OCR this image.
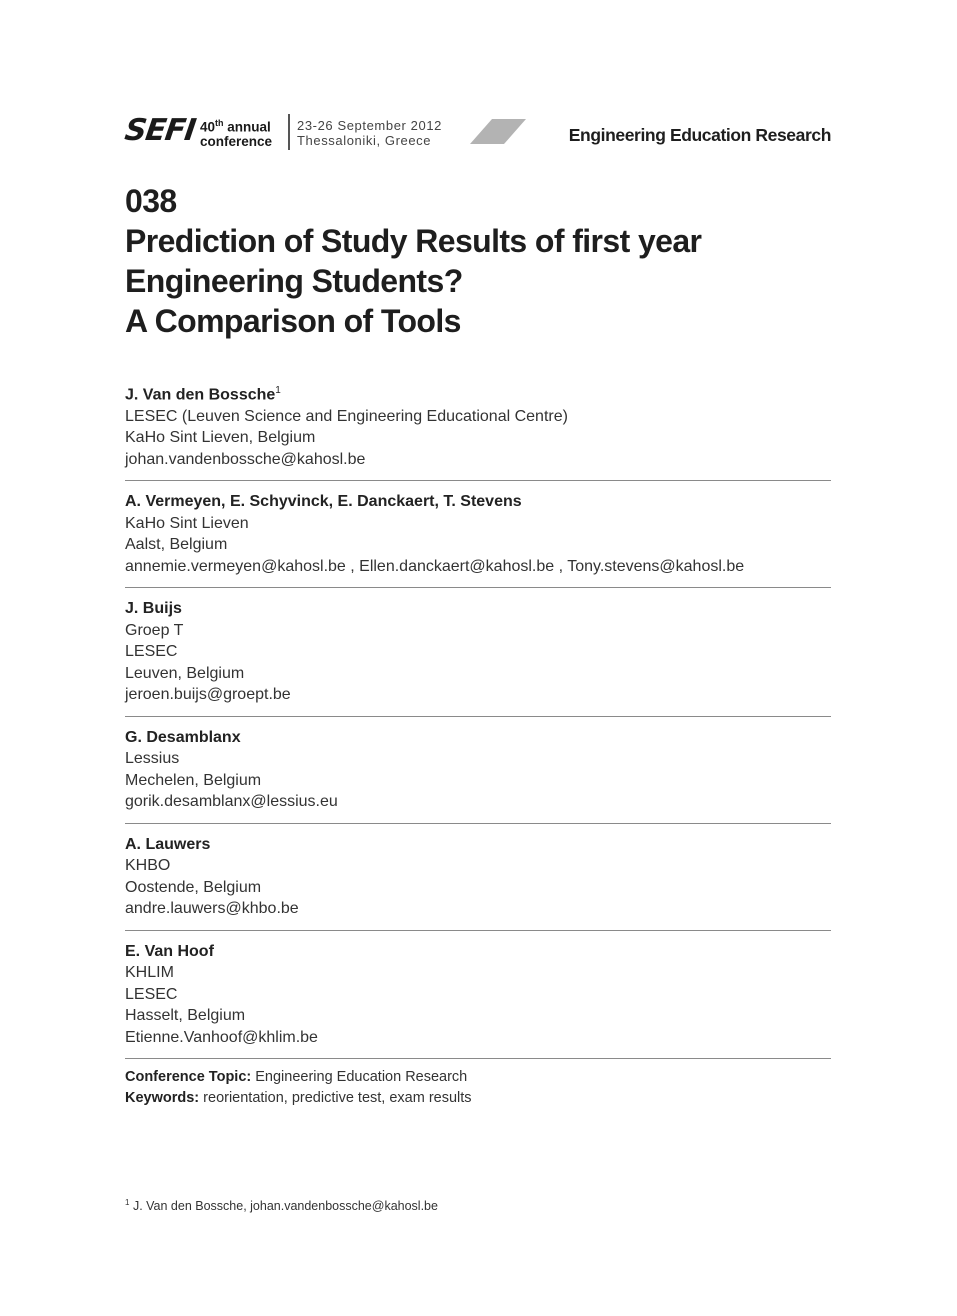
SEFI 40th annual
conference
23-26 September 2012
Thessaloniki, Greece	Engineering Education Research
038
Prediction of Study Results of first year
Engineering Students?
A Comparison of Tools
J. Van den Bossche$^1$
LESEC (Leuven Science and Engineering Educational Centre)
KaHo Sint Lieven, Belgium
johan.vandenbossche@kahosl.be
A. Vermeyen, E. Schyvinck, E. Danckaert, T. Stevens
KaHo Sint Lieven
Aalst, Belgium
annemie.vermeyen@kahosl.be , Ellen.danckaert@kahosl.be , Tony.stevens@kahosl.be
J. Buijs
Groep T
LESEC
Leuven, Belgium
jeroen.buijs@groept.be
G. Desamblanx
Lessius
Mechelen, Belgium
gorik.desamblanx@lessius.eu
A. Lauwers
KHBO
Oostende, Belgium
andre.lauwers@khbo.be
E. Van Hoof
KHLIM
LESEC
Hasselt, Belgium
Etienne.Vanhoof@khlim.be
Conference Topic: Engineering Education Research
Keywords: reorientation, predictive test, exam results
$^1$ J. Van den Bossche, johan.vandenbossche@kahosl.be
